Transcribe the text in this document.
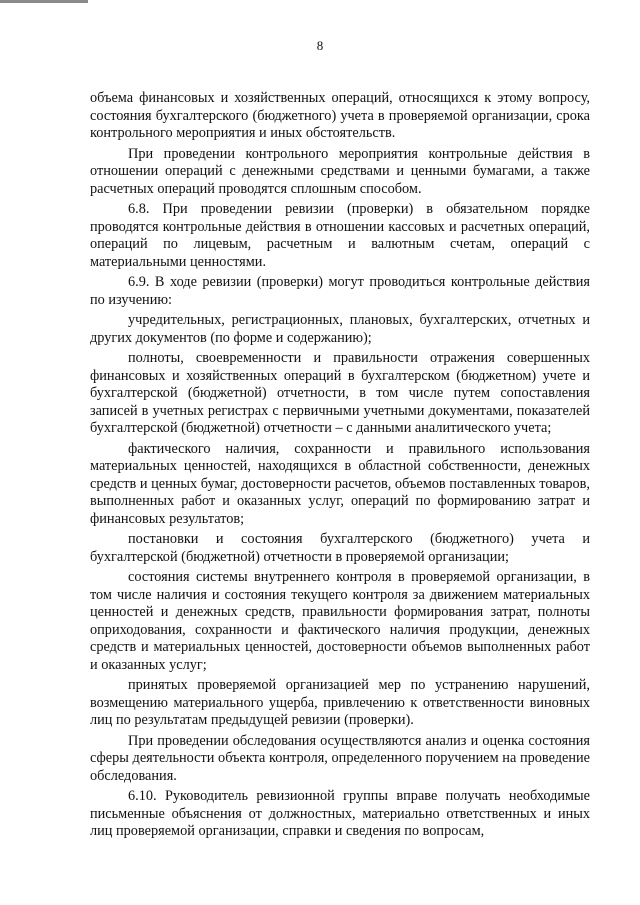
8

объема финансовых и хозяйственных операций, относящихся к этому вопросу, состояния бухгалтерского (бюджетного) учета в проверяемой организации, срока контрольного мероприятия и иных обстоятельств.

При проведении контрольного мероприятия контрольные действия в отношении операций с денежными средствами и ценными бумагами, а также расчетных операций проводятся сплошным способом.

6.8. При проведении ревизии (проверки) в обязательном порядке проводятся контрольные действия в отношении кассовых и расчетных операций, операций по лицевым, расчетным и валютным счетам, операций с материальными ценностями.

6.9. В ходе ревизии (проверки) могут проводиться контрольные действия по изучению:

учредительных, регистрационных, плановых, бухгалтерских, отчетных и других документов (по форме и содержанию);

полноты, своевременности и правильности отражения совершенных финансовых и хозяйственных операций в бухгалтерском (бюджетном) учете и бухгалтерской (бюджетной) отчетности, в том числе путем сопоставления записей в учетных регистрах с первичными учетными документами, показателей бухгалтерской (бюджетной) отчетности – с данными аналитического учета;

фактического наличия, сохранности и правильного использования материальных ценностей, находящихся в областной собственности, денежных средств и ценных бумаг, достоверности расчетов, объемов поставленных товаров, выполненных работ и оказанных услуг, операций по формированию затрат и финансовых результатов;

постановки и состояния бухгалтерского (бюджетного) учета и бухгалтерской (бюджетной) отчетности в проверяемой организации;

состояния системы внутреннего контроля в проверяемой организации, в том числе наличия и состояния текущего контроля за движением материальных ценностей и денежных средств, правильности формирования затрат, полноты оприходования, сохранности и фактического наличия продукции, денежных средств и материальных ценностей, достоверности объемов выполненных работ и оказанных услуг;

принятых проверяемой организацией мер по устранению нарушений, возмещению материального ущерба, привлечению к ответственности виновных лиц по результатам предыдущей ревизии (проверки).

При проведении обследования осуществляются анализ и оценка состояния сферы деятельности объекта контроля, определенного поручением на проведение обследования.

6.10. Руководитель ревизионной группы вправе получать необходимые письменные объяснения от должностных, материально ответственных и иных лиц проверяемой организации, справки и сведения по вопросам,
